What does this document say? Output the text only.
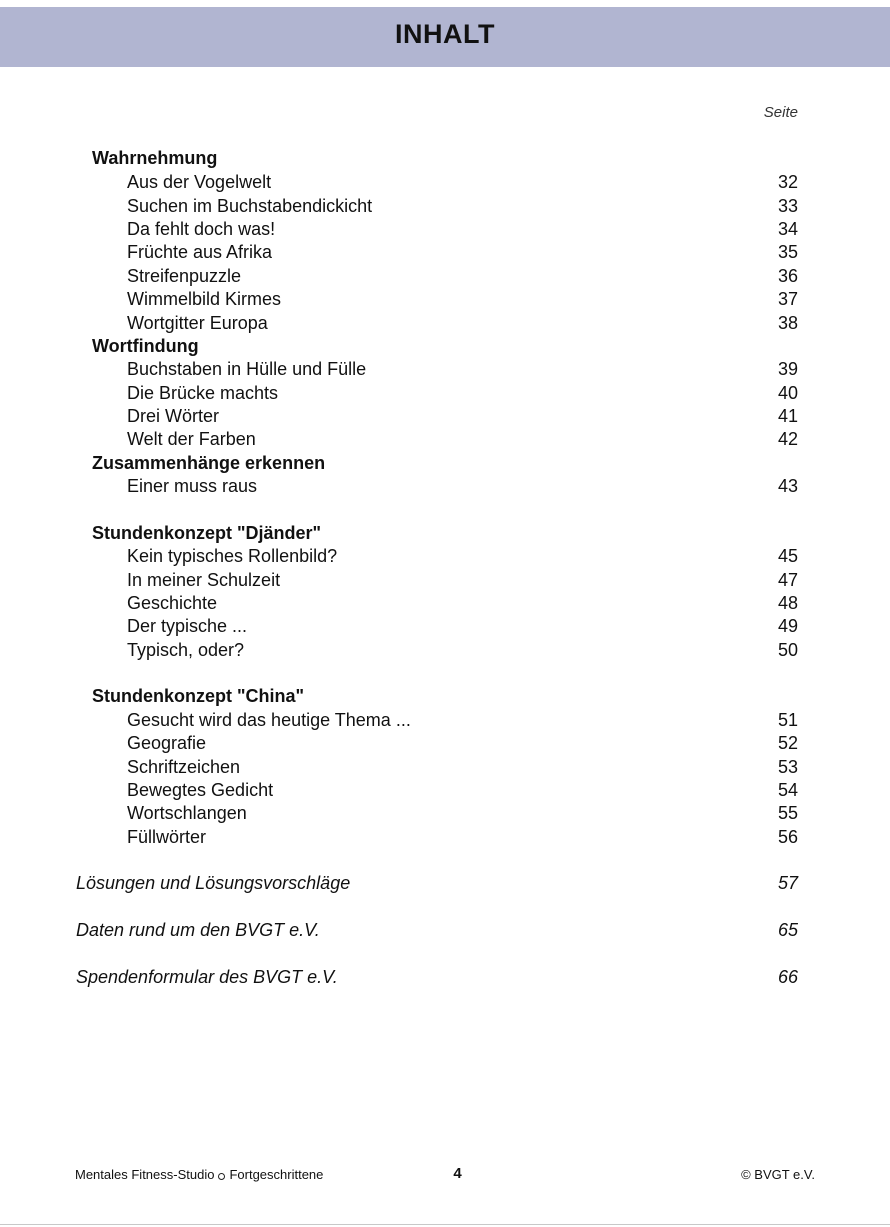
INHALT
Seite
Wahrnehmung
Aus der Vogelwelt	32
Suchen im Buchstabendickicht	33
Da fehlt doch was!	34
Früchte aus Afrika	35
Streifenpuzzle	36
Wimmelbild Kirmes	37
Wortgitter Europa	38
Wortfindung
Buchstaben in Hülle und Fülle	39
Die Brücke machts	40
Drei Wörter	41
Welt der Farben	42
Zusammenhänge erkennen
Einer muss raus	43
Stundenkonzept "Djänder"
Kein typisches Rollenbild?	45
In meiner Schulzeit	47
Geschichte	48
Der typische ...	49
Typisch, oder?	50
Stundenkonzept "China"
Gesucht wird das heutige Thema ...	51
Geografie	52
Schriftzeichen	53
Bewegtes Gedicht	54
Wortschlangen	55
Füllwörter	56
Lösungen und Lösungsvorschläge	57
Daten rund um den BVGT e.V.	65
Spendenformular des BVGT e.V.	66
Mentales Fitness-Studio Fortgeschrittene	4	© BVGT e.V.
